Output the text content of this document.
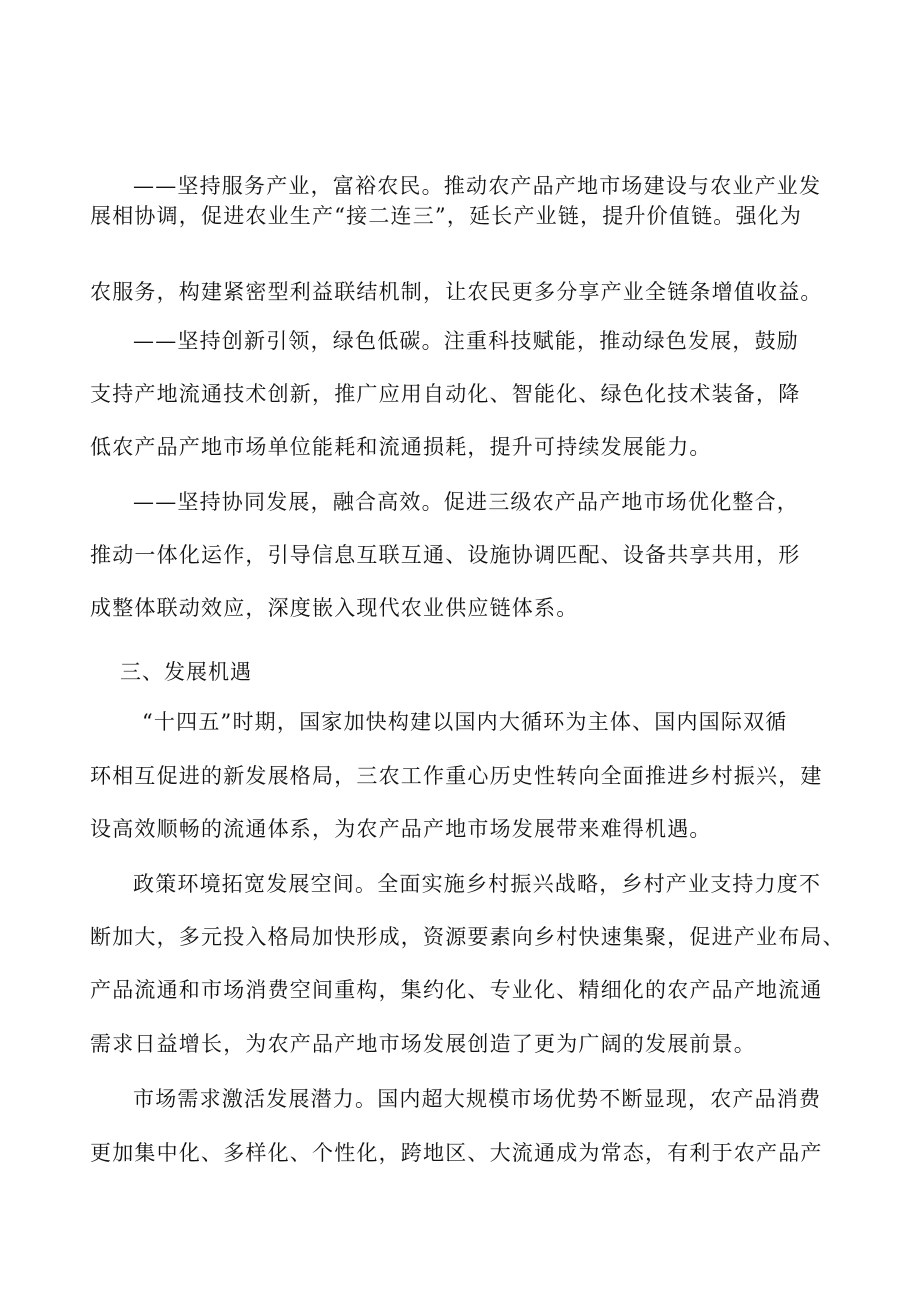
——坚持服务产业，富裕农民。推动农产品产地市场建设与农业产业发
展相协调，促进农业生产“接二连三”，延长产业链，提升价值链。强化为
农服务，构建紧密型利益联结机制，让农民更多分享产业全链条增值收益。
——坚持创新引领，绿色低碳。注重科技赋能，推动绿色发展，鼓励
支持产地流通技术创新，推广应用自动化、智能化、绿色化技术装备，降
低农产品产地市场单位能耗和流通损耗，提升可持续发展能力。
——坚持协同发展，融合高效。促进三级农产品产地市场优化整合，
推动一体化运作，引导信息互联互通、设施协调匹配、设备共享共用，形
成整体联动效应，深度嵌入现代农业供应链体系。
三、发展机遇
“十四五”时期，国家加快构建以国内大循环为主体、国内国际双循
环相互促进的新发展格局，三农工作重心历史性转向全面推进乡村振兴，建
设高效顺畅的流通体系，为农产品产地市场发展带来难得机遇。
政策环境拓宽发展空间。全面实施乡村振兴战略，乡村产业支持力度不
断加大，多元投入格局加快形成，资源要素向乡村快速集聚，促进产业布局、
产品流通和市场消费空间重构，集约化、专业化、精细化的农产品产地流通
需求日益增长，为农产品产地市场发展创造了更为广阔的发展前景。
市场需求激活发展潜力。国内超大规模市场优势不断显现，农产品消费
更加集中化、多样化、个性化，跨地区、大流通成为常态，有利于农产品产
